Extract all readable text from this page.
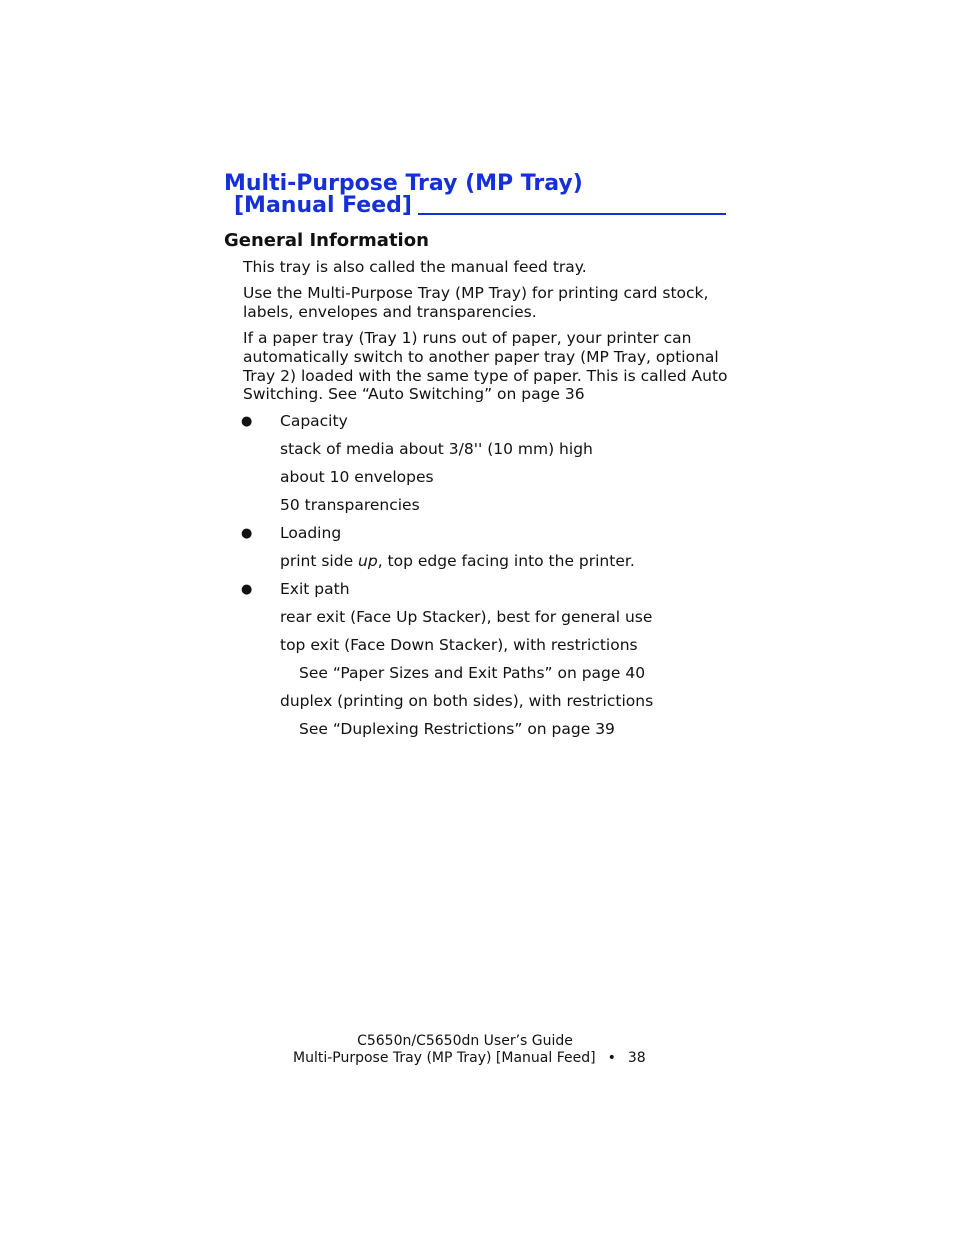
Multi-Purpose Tray (MP Tray)
[Manual Feed]
General Information
This tray is also called the manual feed tray.
Use the Multi-Purpose Tray (MP Tray) for printing card stock,
labels, envelopes and transparencies.
If a paper tray (Tray 1) runs out of paper, your printer can
automatically switch to another paper tray (MP Tray, optional
Tray 2) loaded with the same type of paper. This is called Auto
Switching. See “Auto Switching” on page 36
● Capacity
stack of media about 3/8'' (10 mm) high
about 10 envelopes
50 transparencies
● Loading
print side up, top edge facing into the printer.
● Exit path
rear exit (Face Up Stacker), best for general use
top exit (Face Down Stacker), with restrictions
See “Paper Sizes and Exit Paths” on page 40
duplex (printing on both sides), with restrictions
See “Duplexing Restrictions” on page 39
C5650n/C5650dn User’s Guide
Multi-Purpose Tray (MP Tray) [Manual Feed] • 38
